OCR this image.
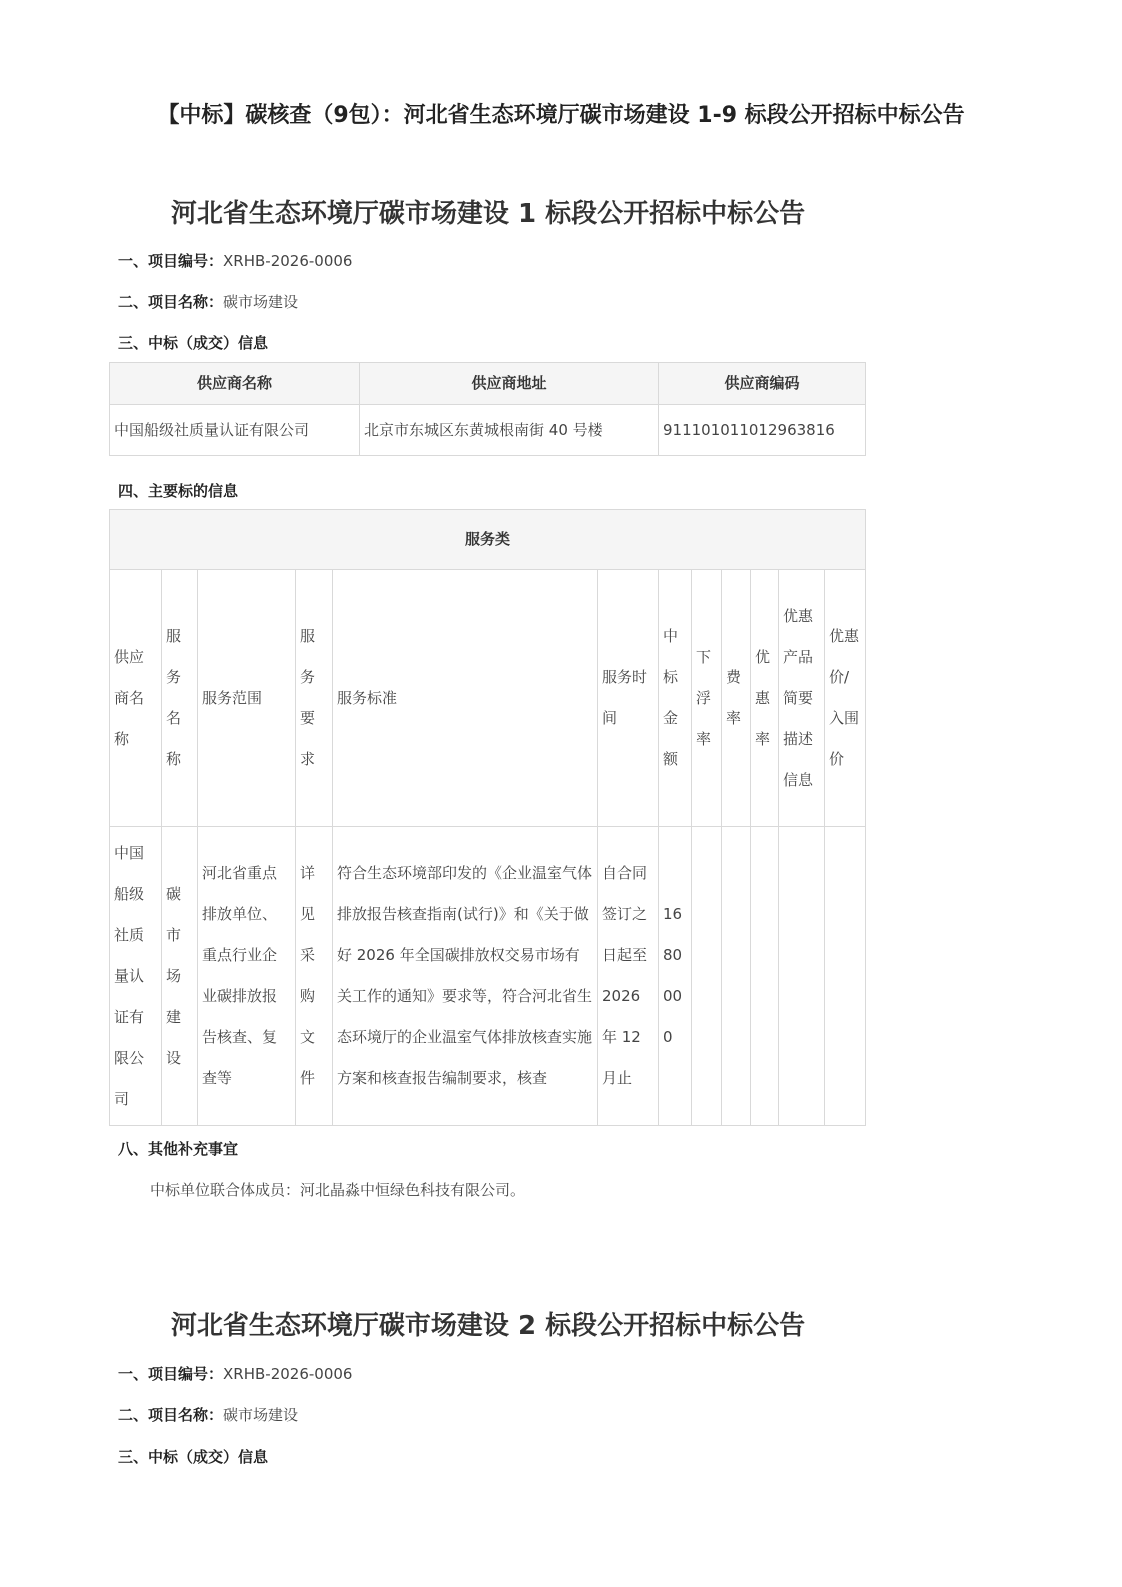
【中标】碳核查（9包）：河北省生态环境厅碳市场建设 1-9 标段公开招标中标公告
河北省生态环境厅碳市场建设 1 标段公开招标中标公告
一、项目编号：XRHB-2026-0006
二、项目名称：碳市场建设
三、中标（成交）信息
供应商名称	供应商地址	供应商编码
中国船级社质量认证有限公司	北京市东城区东黄城根南街 40 号楼	91110101101296381​6
四、主要标的信息
服务类											
供应商名称	服务名称	服务范围	服务要求	服务标准	服务时间	中标金额	下浮率	费率	优惠率	优惠产品简要描述信息	优惠价/入围价
中国船级社质量认证有限公司	碳市场建设	河北省重点排放单位、重点行业企业碳排放报告核查、复查等	详见采购文件	符合生态环境部印发的《企业温室气体排放报告核查指南(试行)》和《关于做好 2026 年全国碳排放权交易市场有关工作的通知》要求等，符合河北省生态环境厅的企业温室气体排放核查实施方案和核查报告编制要求，核查	自合同签订之日起至 2026 年 12 月止	1680000					
八、其他补充事宜
中标单位联合体成员：河北晶淼中恒绿色科技有限公司。
河北省生态环境厅碳市场建设 2 标段公开招标中标公告
一、项目编号：XRHB-2026-0006
二、项目名称：碳市场建设
三、中标（成交）信息
